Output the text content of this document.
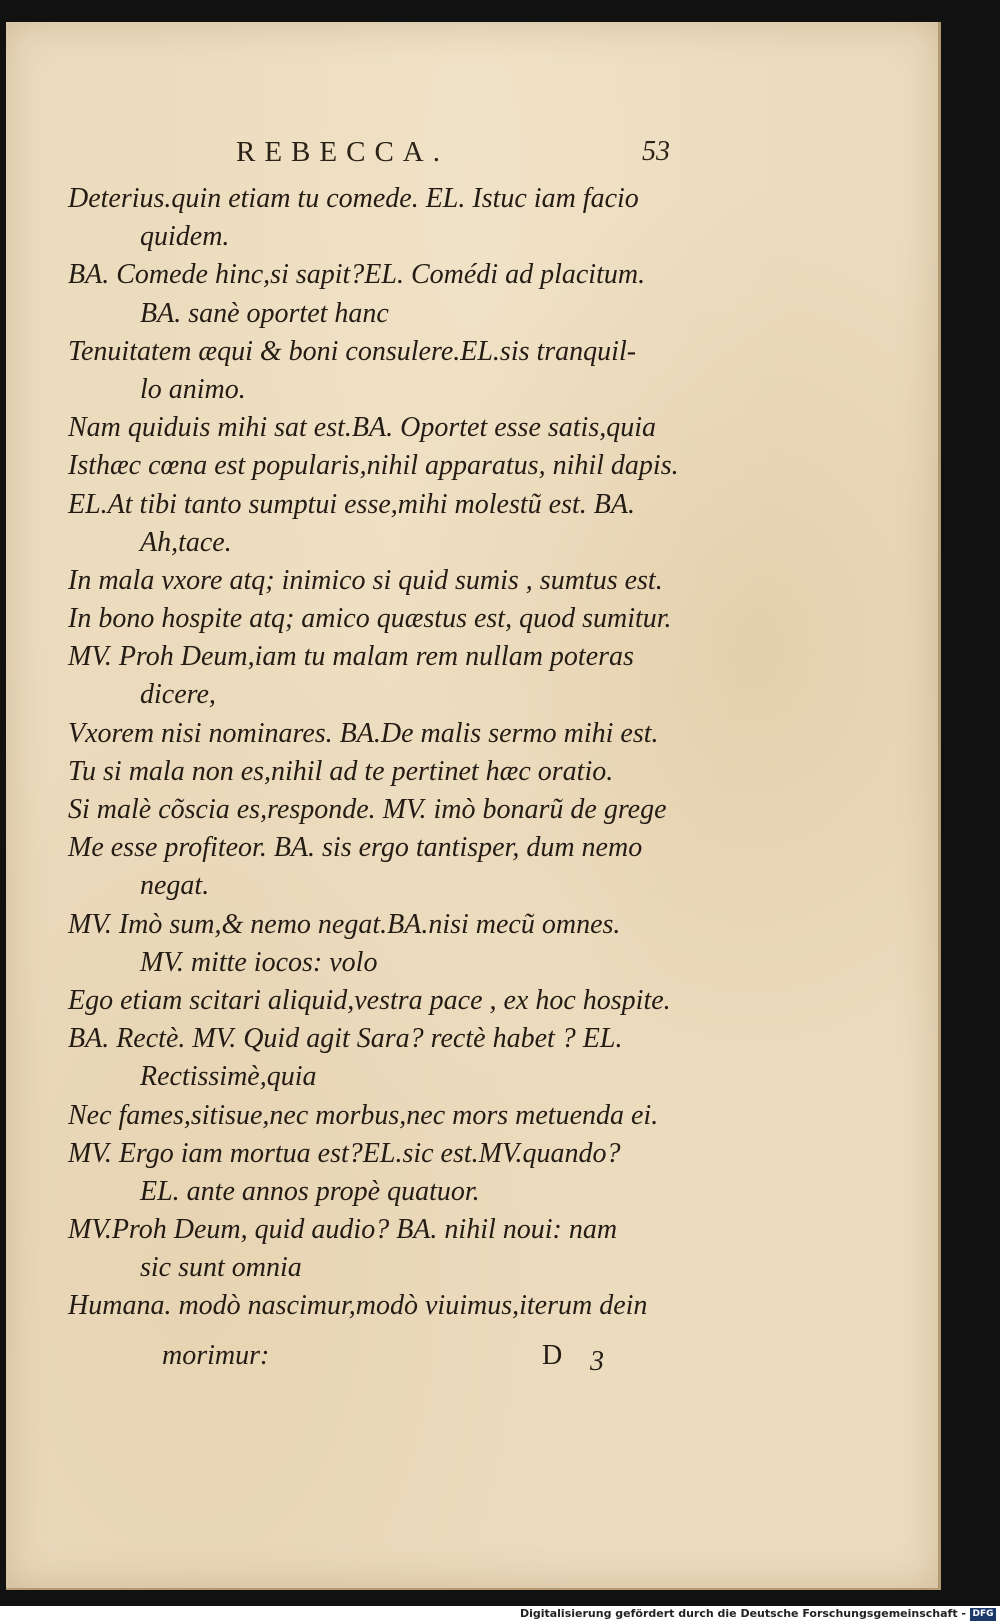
REBECCA.	53
Deterius.quin etiam tu comede. EL. Istuc iam facio
quidem.
BA. Comede hinc,si sapit?EL. Comédi ad placitum.
BA. sanè oportet hanc
Tenuitatem æqui & boni consulere.EL.sis tranquil-
lo animo.
Nam quiduis mihi sat est.BA. Oportet esse satis,quia
Isthæc cœna est popularis,nihil apparatus, nihil dapis.
EL.At tibi tanto sumptui esse,mihi molestũ est. BA.
Ah,tace.
In mala vxore atq; inimico si quid sumis , sumtus est.
In bono hospite atq; amico quæstus est, quod sumitur.
MV. Proh Deum,iam tu malam rem nullam poteras
dicere,
Vxorem nisi nominares. BA.De malis sermo mihi est.
Tu si mala non es,nihil ad te pertinet hæc oratio.
Si malè cõscia es,responde. MV. imò bonarũ de grege
Me esse profiteor. BA. sis ergo tantisper, dum nemo
negat.
MV. Imò sum,& nemo negat.BA.nisi mecũ omnes.
MV. mitte iocos: volo
Ego etiam scitari aliquid,vestra pace , ex hoc hospite.
BA. Rectè. MV. Quid agit Sara? rectè habet ? EL.
Rectissimè,quia
Nec fames,sitisue,nec morbus,nec mors metuenda ei.
MV. Ergo iam mortua est?EL.sic est.MV.quando?
EL. ante annos propè quatuor.
MV.Proh Deum, quid audio? BA. nihil noui: nam
sic sunt omnia
Humana. modò nascimur,modò viuimus,iterum dein
morimur:	D 3
Digitalisierung gefördert durch die Deutsche Forschungsgemeinschaft - DFG
